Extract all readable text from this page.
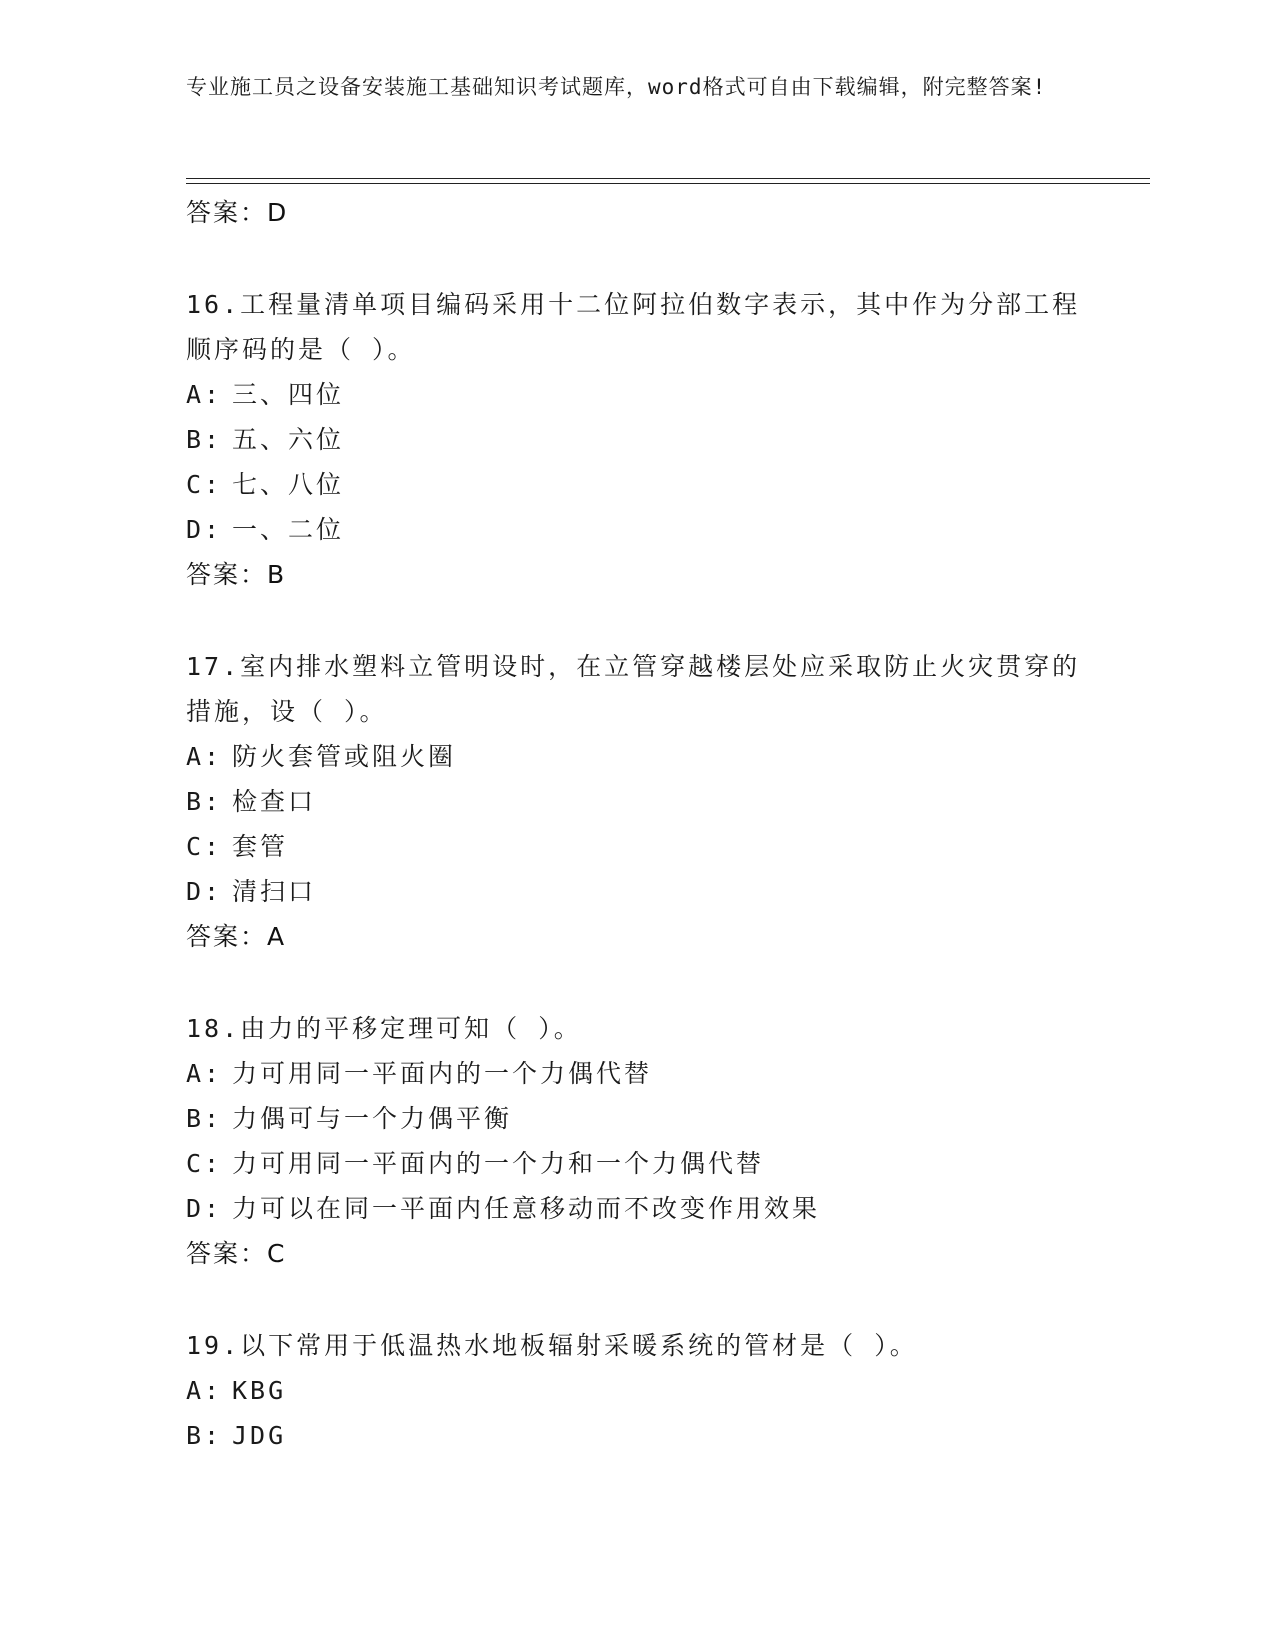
专业施工员之设备安装施工基础知识考试题库，word格式可自由下载编辑，附完整答案!
答案：D

16.工程量清单项目编码采用十二位阿拉伯数字表示，其中作为分部工程顺序码的是（ ）。

A: 三、四位
B: 五、六位
C: 七、八位
D: 一、二位
答案：B

17.室内排水塑料立管明设时，在立管穿越楼层处应采取防止火灾贯穿的措施，设（ ）。

A: 防火套管或阻火圈
B: 检查口
C: 套管
D: 清扫口
答案：A

18.由力的平移定理可知（ ）。

A: 力可用同一平面内的一个力偶代替
B: 力偶可与一个力偶平衡
C: 力可用同一平面内的一个力和一个力偶代替
D: 力可以在同一平面内任意移动而不改变作用效果
答案：C

19.以下常用于低温热水地板辐射采暖系统的管材是（ ）。

A: KBG
B: JDG
